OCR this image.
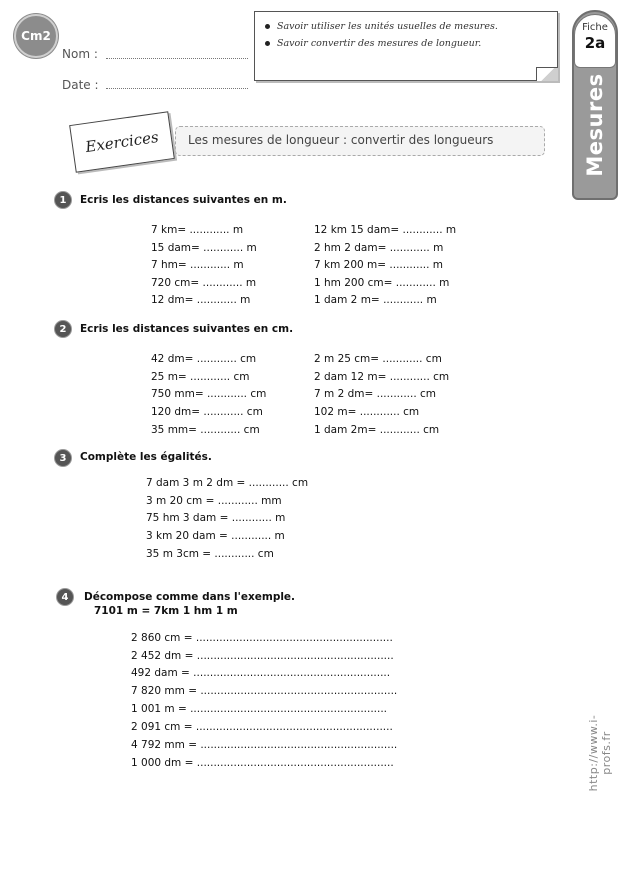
Cm2
Nom :
Date :
Savoir utiliser les unités usuelles de mesures.
Savoir convertir des mesures de longueur.
Fiche
2a
Mesures
Les mesures de longueur : convertir des longueurs
Exercices
1	Ecris les distances suivantes en m.
7 km= ............ m
15 dam= ............ m
7 hm= ............ m
720 cm= ............ m
12 dm= ............ m
12 km 15 dam= ............ m
2 hm 2 dam= ............ m
7 km 200 m= ............ m
1 hm 200 cm= ............ m
1 dam 2 m= ............ m
2	Ecris les distances suivantes en cm.
42 dm= ............ cm
25 m= ............ cm
750 mm= ............ cm
120 dm= ............ cm
35 mm= ............ cm
2 m 25 cm= ............ cm
2 dam 12 m= ............ cm
7 m 2 dm= ............ cm
102 m= ............ cm
1 dam 2m= ............ cm
3	Complète les égalités.
7 dam 3 m 2 dm = ............ cm
3 m 20 cm = ............ mm
75 hm 3 dam = ............ m
3 km 20 dam = ............ m
35 m 3cm = ............ cm
4	Décompose comme dans l'exemple.
7101 m = 7km 1 hm 1 m
2 860 cm = ...........................................................
2 452 dm = ...........................................................
492 dam = ...........................................................
7 820 mm = ...........................................................
1 001 m = ...........................................................
2 091 cm = ...........................................................
4 792 mm = ...........................................................
1 000 dm = ...........................................................	http://www.i-profs.fr
